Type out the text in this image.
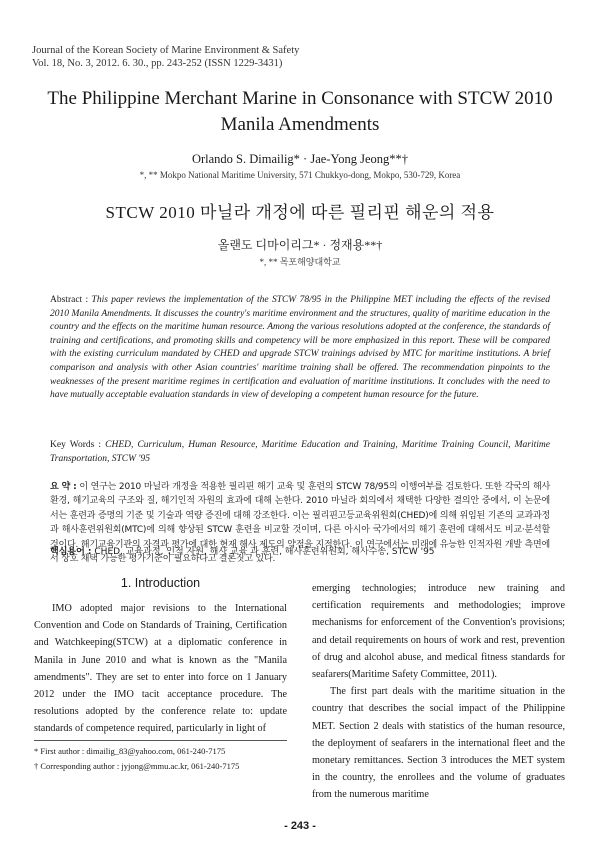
Journal of the Korean Society of Marine Environment & Safety
Vol. 18, No. 3, 2012. 6. 30., pp. 243-252 (ISSN 1229-3431)
The Philippine Merchant Marine in Consonance with STCW 2010 Manila Amendments
Orlando S. Dimailig* · Jae-Yong Jeong**†
*, ** Mokpo National Maritime University, 571 Chukkyo-dong, Mokpo, 530-729, Korea
STCW 2010 마닐라 개정에 따른 필리핀 해운의 적용
올랜도 디마이리그* · 정재용**†
*, ** 목포해양대학교
Abstract : This paper reviews the implementation of the STCW 78/95 in the Philippine MET including the effects of the revised 2010 Manila Amendments. It discusses the country's maritime environment and the structures, quality of maritime education in the country and the effects on the maritime human resource. Among the various resolutions adopted at the conference, the standards of training and certifications, and promoting skills and competency will be more emphasized in this report. These will be compared with the existing curriculum mandated by CHED and upgrade STCW trainings advised by MTC for maritime institutions. A brief comparison and analysis with other Asian countries' maritime training shall be offered. The recommendation pinpoints to the weaknesses of the present maritime regimes in certification and evaluation of maritime institutions. It concludes with the need to have mutually acceptable evaluation standards in view of developing a competent human resource for the future.
Key Words : CHED, Curriculum, Human Resource, Maritime Education and Training, Maritime Training Council, Maritime Transportation, STCW '95
요 약 : 이 연구는 2010 마닐라 개정을 적용한 필리핀 해기 교육 및 훈련의 STCW 78/95의 이행여부를 검토한다. 또한 각국의 해사환경, 해기교육의 구조와 질, 해기인적 자원의 효과에 대해 논한다. 2010 마닐라 회의에서 채택한 다양한 결의안 중에서, 이 논문에서는 훈련과 증명의 기준 및 기술과 역량 증진에 대해 강조한다. 이는 필리핀고등교육위원회(CHED)에 의해 위임된 기존의 교과과정과 해사훈련위원회(MTC)에 의해 향상된 STCW 훈련을 비교할 것이며, 다른 아시아 국가에서의 해기 훈련에 대해서도 비교·분석할 것이다. 해기교육기관의 자격과 평가에 대한 현재 해사 제도의 약점을 지적한다. 이 연구에서는 미래에 유능한 인적자원 개발 측면에서 상호 채택 가능한 평가기준이 필요하다고 결론짓고 있다.
핵심용어 : CHED, 교육과정, 인적 자원, 해사 교육 과 훈련, 해사훈련위원회, 해사수송, STCW '95
1. Introduction

IMO adopted major revisions to the International Convention and Code on Standards of Training, Certification and Watchkeeping(STCW) at a diplomatic conference in Manila in June 2010 and what is known as the "Manila amendments". They are set to enter into force on 1 January 2012 under the IMO tacit acceptance procedure. The resolutions adopted by the conference relate to: update standards of competence required, particularly in light of

emerging technologies; introduce new training and certification requirements and methodologies; improve mechanisms for enforcement of the Convention's provisions; and detail requirements on hours of work and rest, prevention of drug and alcohol abuse, and medical fitness standards for seafarers(Maritime Safety Committee, 2011).

The first part deals with the maritime situation in the country that describes the social impact of the Philippine MET. Section 2 deals with statistics of the human resource, the deployment of seafarers in the international fleet and the monetary remittances. Section 3 introduces the MET system in the country, the enrollees and the volume of graduates from the numerous maritime

* First author : dimailig_83@yahoo.com, 061-240-7175
† Corresponding author : jyjong@mmu.ac.kr, 061-240-7175
- 243 -
